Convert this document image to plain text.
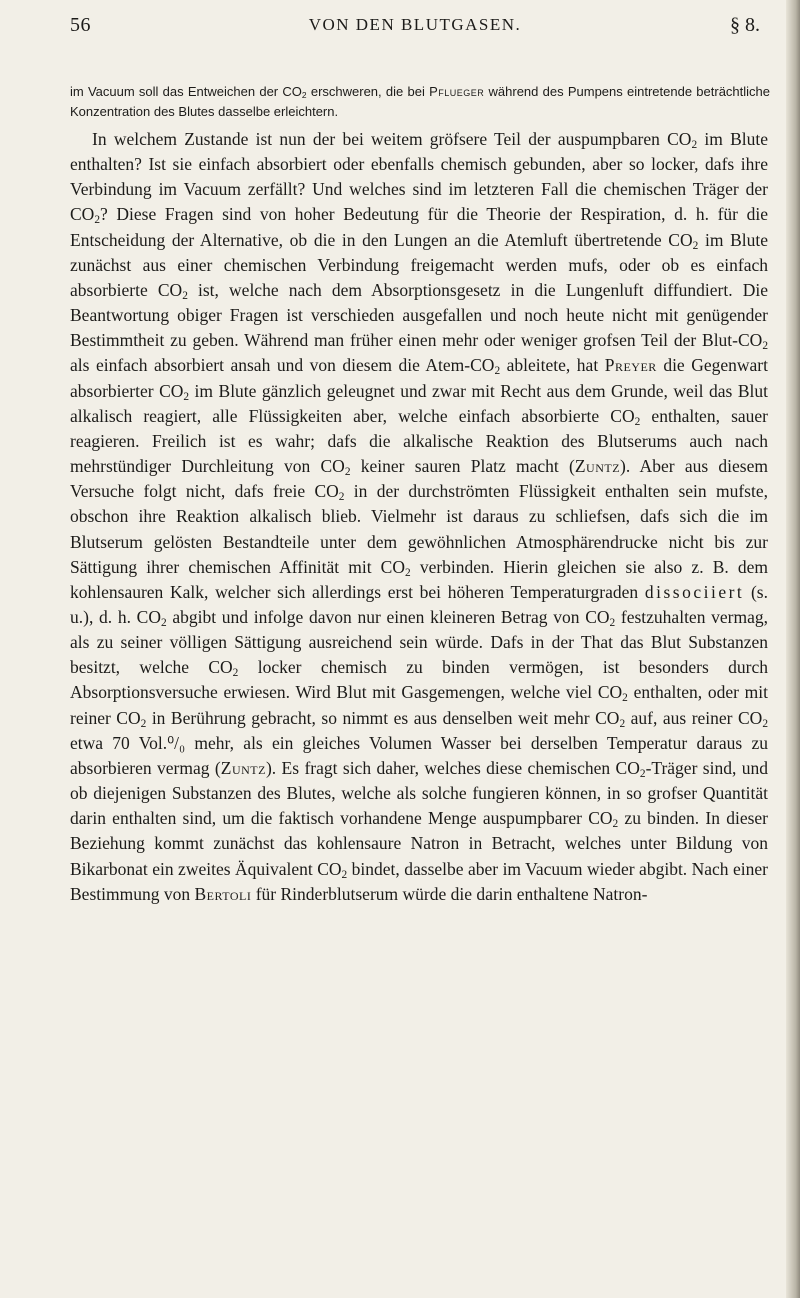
56	VON DEN BLUTGASEN.	§ 8.
im Vacuum soll das Entweichen der $CO_2$ erschweren, die bei Pflueger während des Pumpens eintretende beträchtliche Konzentration des Blutes dasselbe erleichtern.

In welchem Zustande ist nun der bei weitem gröfsere Teil der auspumpbaren $CO_2$ im Blute enthalten? Ist sie einfach absorbiert oder ebenfalls chemisch gebunden, aber so locker, dafs ihre Verbindung im Vacuum zerfällt? Und welches sind im letzteren Fall die chemischen Träger der $CO_2$? Diese Fragen sind von hoher Bedeutung für die Theorie der Respiration, d. h. für die Entscheidung der Alternative, ob die in den Lungen an die Atemluft übertretende $CO_2$ im Blute zunächst aus einer chemischen Verbindung freigemacht werden mufs, oder ob es einfach absorbierte $CO_2$ ist, welche nach dem Absorptionsgesetz in die Lungenluft diffundiert. Die Beantwortung obiger Fragen ist verschieden ausgefallen und noch heute nicht mit genügender Bestimmtheit zu geben. Während man früher einen mehr oder weniger grofsen Teil der Blut-$CO_2$ als einfach absorbiert ansah und von diesem die Atem-$CO_2$ ableitete, hat Preyer die Gegenwart absorbierter $CO_2$ im Blute gänzlich geleugnet und zwar mit Recht aus dem Grunde, weil das Blut alkalisch reagiert, alle Flüssigkeiten aber, welche einfach absorbierte $CO_2$ enthalten, sauer reagieren. Freilich ist es wahr; dafs die alkalische Reaktion des Blutserums auch nach mehrstündiger Durchleitung von $CO_2$ keiner sauren Platz macht (Zuntz). Aber aus diesem Versuche folgt nicht, dafs freie $CO_2$ in der durchströmten Flüssigkeit enthalten sein mufste, obschon ihre Reaktion alkalisch blieb. Vielmehr ist daraus zu schliefsen, dafs sich die im Blutserum gelösten Bestandteile unter dem gewöhnlichen Atmosphärendrucke nicht bis zur Sättigung ihrer chemischen Affinität mit $CO_2$ verbinden. Hierin gleichen sie also z. B. dem kohlensauren Kalk, welcher sich allerdings erst bei höheren Temperaturgraden dissociiert (s. u.), d. h. $CO_2$ abgibt und infolge davon nur einen kleineren Betrag von $CO_2$ festzuhalten vermag, als zu seiner völligen Sättigung ausreichend sein würde. Dafs in der That das Blut Substanzen besitzt, welche $CO_2$ locker chemisch zu binden vermögen, ist besonders durch Absorptionsversuche erwiesen. Wird Blut mit Gasgemengen, welche viel $CO_2$ enthalten, oder mit reiner $CO_2$ in Berührung gebracht, so nimmt es aus denselben weit mehr $CO_2$ auf, aus reiner $CO_2$ etwa 70 Vol.⁰/₀ mehr, als ein gleiches Volumen Wasser bei derselben Temperatur daraus zu absorbieren vermag (Zuntz). Es fragt sich daher, welches diese chemischen $CO_2$-Träger sind, und ob diejenigen Substanzen des Blutes, welche als solche fungieren können, in so grofser Quantität darin enthalten sind, um die faktisch vorhandene Menge auspumpbarer $CO_2$ zu binden. In dieser Beziehung kommt zunächst das kohlensaure Natron in Betracht, welches unter Bildung von Bikarbonat ein zweites Äquivalent $CO_2$ bindet, dasselbe aber im Vacuum wieder abgibt. Nach einer Bestimmung von Bertoli für Rinderblutserum würde die darin enthaltene Natron-
